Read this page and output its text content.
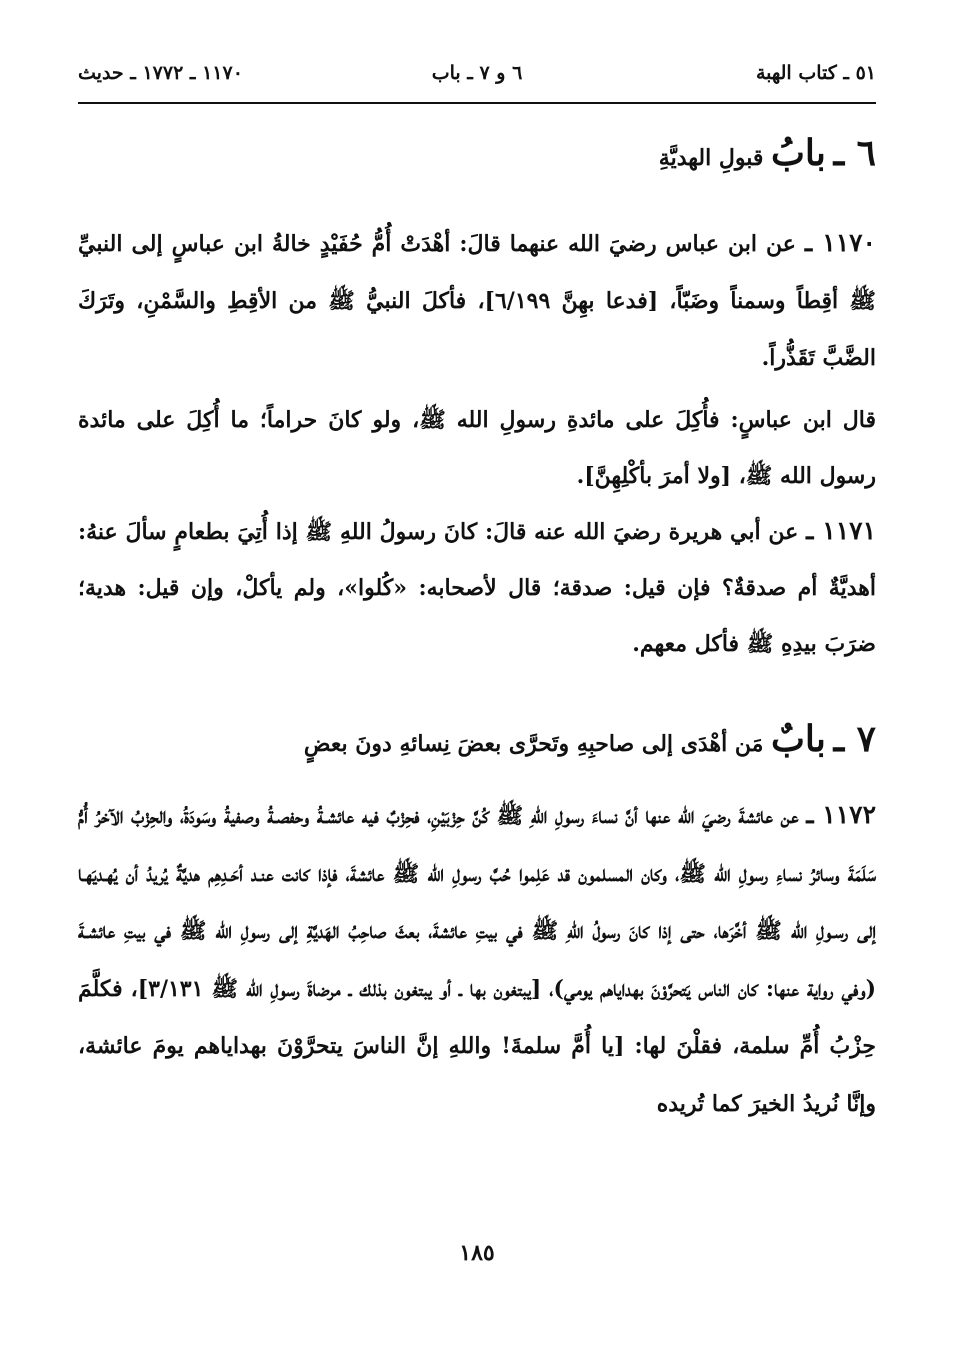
٥١ ـ كتاب الهبة
٦ و ٧ ـ باب
١١٧٠ ـ ١٧٧٢ ـ حديث
٦ ـ بابُ قبولِ الهديَّةِ

١١٧٠ ـ عن ابن عباس رضيَ الله عنهما قالَ: أهْدَتْ أُمُّ حُفَيْدٍ خالةُ ابن عباسٍ إلى النبيِّ ﷺ أقِطاً وسمناً وضَبّاً، [فدعا بهِنَّ ٦/١٩٩]، فأكلَ النبيُّ ﷺ من الأقِطِ والسَّمْنِ، وتَرَكَ الضَّبَّ تَقَذُّراً.

قال ابن عباسٍ: فأُكِلَ على مائدةِ رسولِ الله ﷺ، ولو كانَ حراماً؛ ما أُكِلَ على مائدة رسول الله ﷺ، [ولا أمرَ بأكْلِهِنَّ].

١١٧١ ـ عن أبي هريرة رضيَ الله عنه قالَ: كانَ رسولُ اللهِ ﷺ إذا أُتِيَ بطعامٍ سألَ عنهُ: أهديَّةٌ أم صدقةٌ؟ فإن قيل: صدقة؛ قال لأصحابه: «كُلوا»، ولم يأكلْ، وإن قيل: هدية؛ ضرَبَ بيدِهِ ﷺ فأكل معهم.

٧ ـ بابٌ مَن أهْدَى إلى صاحبِهِ وتَحرَّى بعضَ نِسائهِ دونَ بعضٍ

١١٧٢ ـ عن عائشةَ رضيَ الله عنها أنَّ نساءَ رسولِ اللهِ ﷺ كُنَّ حِزْبَيْنِ، فحِزْبٌ فيه عائشـةُ وحفصـةُ وصفيةُ وسَودَةُ، والحِزْبُ الآخرُ أُمُّ سَلَمَةَ وسائرُ نساءِ رسولِ الله ﷺ، وكان المسلمون قد عَلِموا حُبَّ رسولِ الله ﷺ عائشةَ، فإذا كانت عنـد أحَـدِهِم هديَّةٌ يُريدُ أن يُهـديَهـا إلى رسـولِ الله ﷺ أخَّرَها، حتى إذا كانَ رسولُ اللهِ ﷺ في بيتِ عائشةَ، بعثَ صاحِبُ الهَديَّةِ إلى رسولِ الله ﷺ في بيتِ عائشـةَ (وفي رواية عنها: كان الناس يَتحرَّوْنَ بهداياهم يومي)، [يبتغون بها ـ أو يبتغون بذلك ـ مرضاةَ رسولِ الله ﷺ ٣/١٣١]، فكلَّمَ حِزْبُ أُمِّ سلمة، فقلْنَ لها: [يا أُمَّ سلمةَ! واللهِ إنَّ الناسَ يتحرَّوْنَ بهداياهم يومَ عائشة، وإنَّا نُريدُ الخيرَ كما تُريده

١٨٥
